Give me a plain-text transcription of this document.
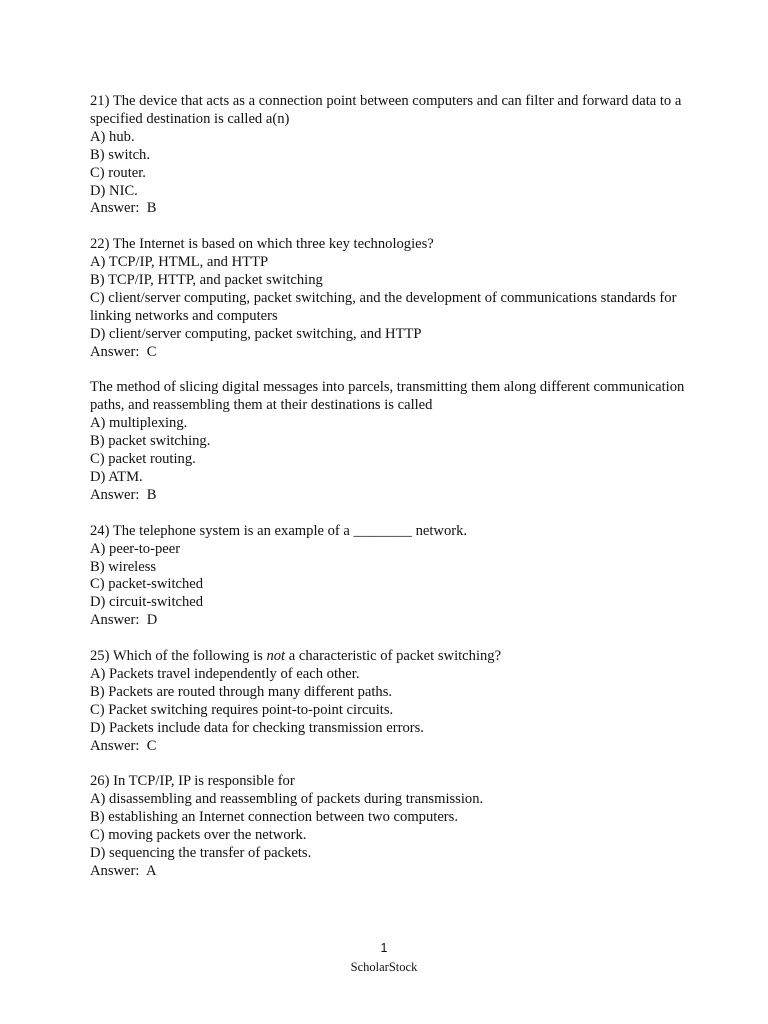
21) The device that acts as a connection point between computers and can filter and forward data to a specified destination is called a(n)
A) hub.
B) switch.
C) router.
D) NIC.
Answer:  B
22) The Internet is based on which three key technologies?
A) TCP/IP, HTML, and HTTP
B) TCP/IP, HTTP, and packet switching
C) client/server computing, packet switching, and the development of communications standards for linking networks and computers
D) client/server computing, packet switching, and HTTP
Answer:  C
The method of slicing digital messages into parcels, transmitting them along different communication paths, and reassembling them at their destinations is called
A) multiplexing.
B) packet switching.
C) packet routing.
D) ATM.
Answer:  B
24) The telephone system is an example of a ________ network.
A) peer-to-peer
B) wireless
C) packet-switched
D) circuit-switched
Answer:  D
25) Which of the following is not a characteristic of packet switching?
A) Packets travel independently of each other.
B) Packets are routed through many different paths.
C) Packet switching requires point-to-point circuits.
D) Packets include data for checking transmission errors.
Answer:  C
26) In TCP/IP, IP is responsible for
A) disassembling and reassembling of packets during transmission.
B) establishing an Internet connection between two computers.
C) moving packets over the network.
D) sequencing the transfer of packets.
Answer:  A
1
ScholarStock
